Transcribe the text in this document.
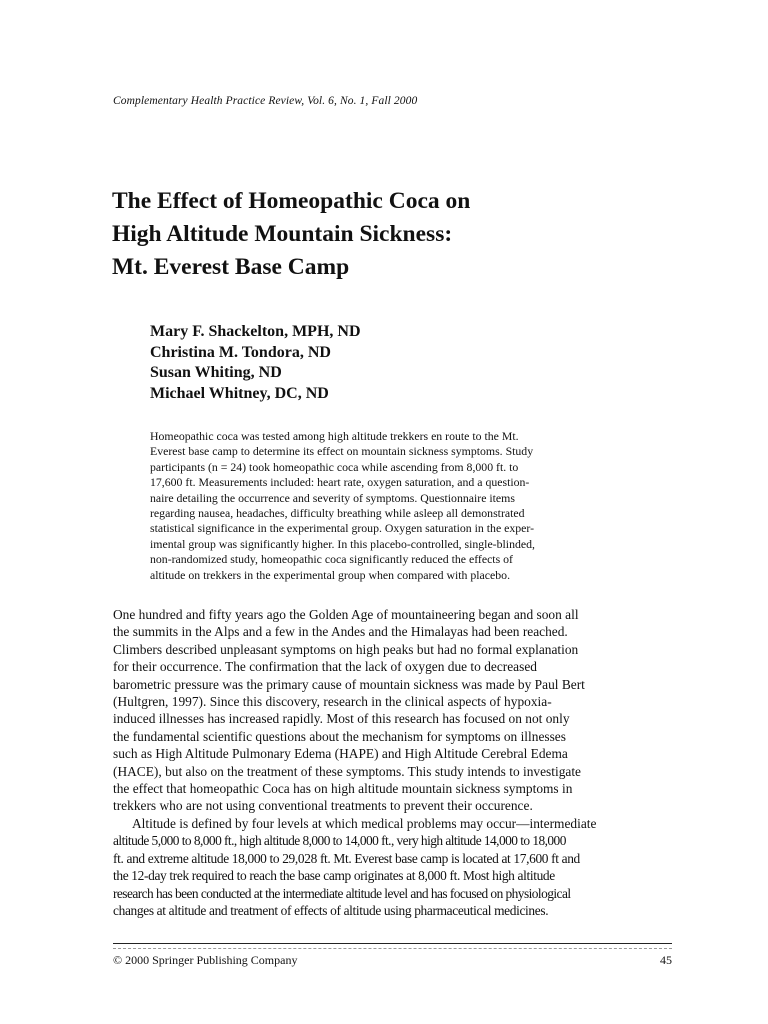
Complementary Health Practice Review, Vol. 6, No. 1, Fall 2000
The Effect of Homeopathic Coca on
High Altitude Mountain Sickness:
Mt. Everest Base Camp
Mary F. Shackelton, MPH, ND
Christina M. Tondora, ND
Susan Whiting, ND
Michael Whitney, DC, ND
Homeopathic coca was tested among high altitude trekkers en route to the Mt.
Everest base camp to determine its effect on mountain sickness symptoms. Study
participants (n = 24) took homeopathic coca while ascending from 8,000 ft. to
17,600 ft. Measurements included: heart rate, oxygen saturation, and a question-
naire detailing the occurrence and severity of symptoms. Questionnaire items
regarding nausea, headaches, difficulty breathing while asleep all demonstrated
statistical significance in the experimental group. Oxygen saturation in the exper-
imental group was significantly higher. In this placebo-controlled, single-blinded,
non-randomized study, homeopathic coca significantly reduced the effects of
altitude on trekkers in the experimental group when compared with placebo.
One hundred and fifty years ago the Golden Age of mountaineering began and soon all
the summits in the Alps and a few in the Andes and the Himalayas had been reached.
Climbers described unpleasant symptoms on high peaks but had no formal explanation
for their occurrence. The confirmation that the lack of oxygen due to decreased
barometric pressure was the primary cause of mountain sickness was made by Paul Bert
(Hultgren, 1997). Since this discovery, research in the clinical aspects of hypoxia-
induced illnesses has increased rapidly. Most of this research has focused on not only
the fundamental scientific questions about the mechanism for symptoms on illnesses
such as High Altitude Pulmonary Edema (HAPE) and High Altitude Cerebral Edema
(HACE), but also on the treatment of these symptoms. This study intends to investigate
the effect that homeopathic Coca has on high altitude mountain sickness symptoms in
trekkers who are not using conventional treatments to prevent their occurence.
Altitude is defined by four levels at which medical problems may occur—intermediate
altitude 5,000 to 8,000 ft., high altitude 8,000 to 14,000 ft., very high altitude 14,000 to 18,000
ft. and extreme altitude 18,000 to 29,028 ft. Mt. Everest base camp is located at 17,600 ft and
the 12-day trek required to reach the base camp originates at 8,000 ft. Most high altitude
research has been conducted at the intermediate altitude level and has focused on physiological
changes at altitude and treatment of effects of altitude using pharmaceutical medicines.
© 2000 Springer Publishing Company	45
